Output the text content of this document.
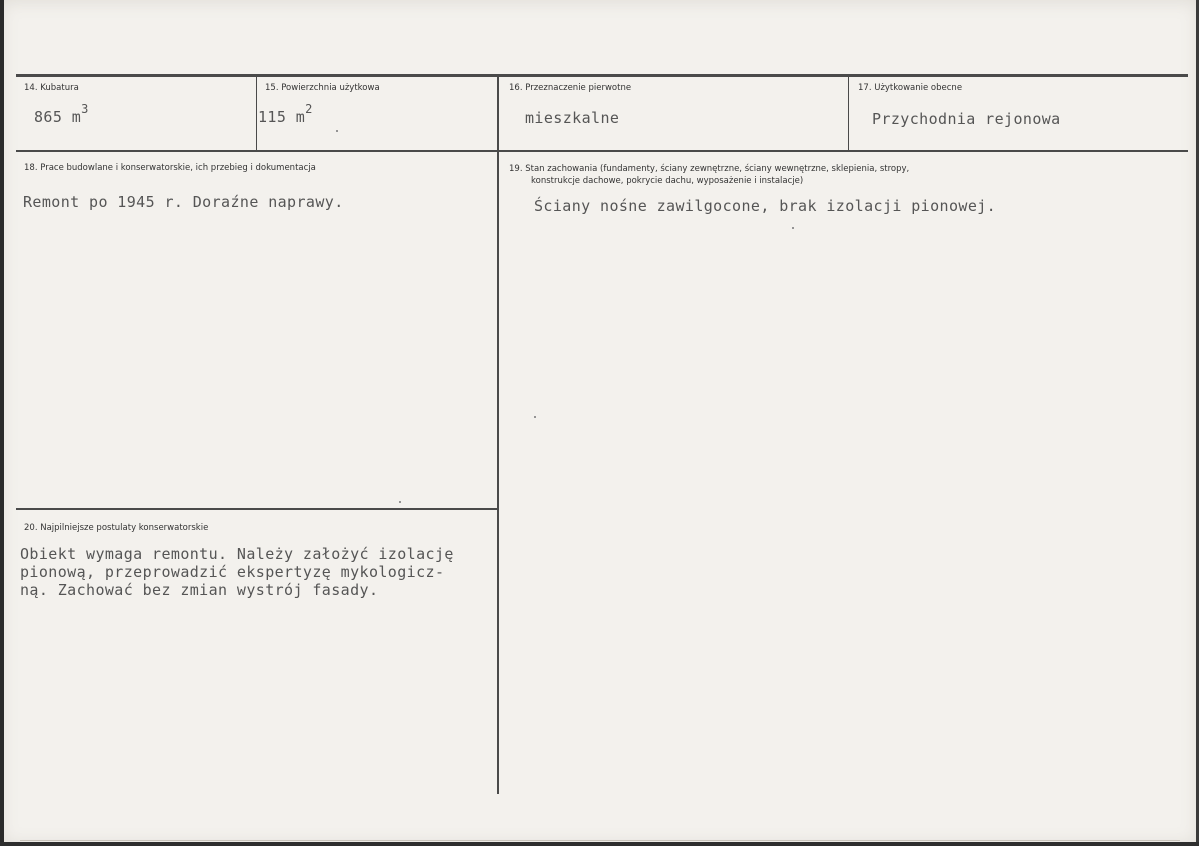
14. Kubatura
865 $m^3$
15. Powierzchnia użytkowa
115 $m^2$
16. Przeznaczenie pierwotne
mieszkalne
17. Użytkowanie obecne
Przychodnia rejonowa
18. Prace budowlane i konserwatorskie, ich przebieg i dokumentacja
Remont po 1945 r. Doraźne naprawy.
19. Stan zachowania (fundamenty, ściany zewnętrzne, ściany wewnętrzne, sklepienia, stropy,
konstrukcje dachowe, pokrycie dachu, wyposażenie i instalacje)
Ściany nośne zawilgocone, brak izolacji pionowej.
20. Najpilniejsze postulaty konserwatorskie
Obiekt wymaga remontu. Należy założyć izolację
pionową, przeprowadzić ekspertyzę mykologicz-
ną. Zachować bez zmian wystrój fasady.
